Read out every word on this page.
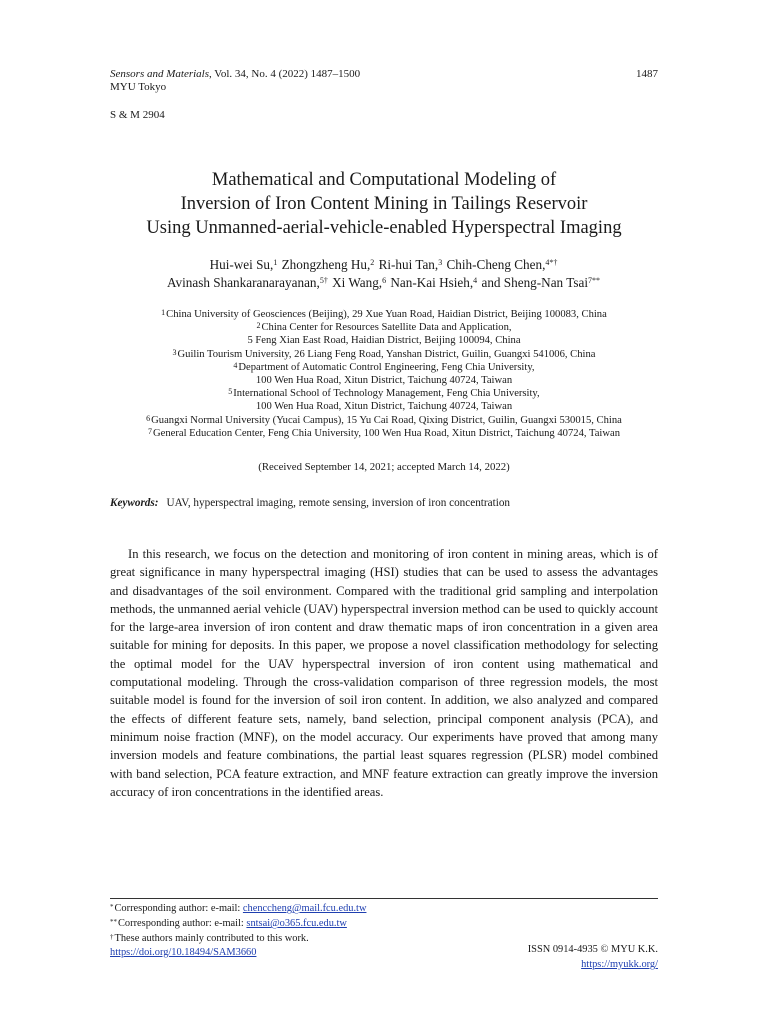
Sensors and Materials, Vol. 34, No. 4 (2022) 1487–1500
MYU Tokyo
1487
S & M 2904
Mathematical and Computational Modeling of
Inversion of Iron Content Mining in Tailings Reservoir
Using Unmanned-aerial-vehicle-enabled Hyperspectral Imaging
Hui-wei Su,$^1$ Zhongzheng Hu,$^2$ Ri-hui Tan,$^3$ Chih-Cheng Chen,$^{4*\dagger}$
Avinash Shankaranarayanan,$^{5\dagger}$ Xi Wang,$^6$ Nan-Kai Hsieh,$^4$ and Sheng-Nan Tsai$^{7**}$
$^1$China University of Geosciences (Beijing), 29 Xue Yuan Road, Haidian District, Beijing 100083, China
$^2$China Center for Resources Satellite Data and Application,
5 Feng Xian East Road, Haidian District, Beijing 100094, China
$^3$Guilin Tourism University, 26 Liang Feng Road, Yanshan District, Guilin, Guangxi 541006, China
$^4$Department of Automatic Control Engineering, Feng Chia University,
100 Wen Hua Road, Xitun District, Taichung 40724, Taiwan
$^5$International School of Technology Management, Feng Chia University,
100 Wen Hua Road, Xitun District, Taichung 40724, Taiwan
$^6$Guangxi Normal University (Yucai Campus), 15 Yu Cai Road, Qixing District, Guilin, Guangxi 530015, China
$^7$General Education Center, Feng Chia University, 100 Wen Hua Road, Xitun District, Taichung 40724, Taiwan
(Received September 14, 2021; accepted March 14, 2022)
Keywords: UAV, hyperspectral imaging, remote sensing, inversion of iron concentration

In this research, we focus on the detection and monitoring of iron content in mining areas, which is of great significance in many hyperspectral imaging (HSI) studies that can be used to assess the advantages and disadvantages of the soil environment. Compared with the traditional grid sampling and interpolation methods, the unmanned aerial vehicle (UAV) hyperspectral inversion method can be used to quickly account for the large-area inversion of iron content and draw thematic maps of iron concentration in a given area suitable for mining for deposits. In this paper, we propose a novel classification methodology for selecting the optimal model for the UAV hyperspectral inversion of iron content using mathematical and computational modeling. Through the cross-validation comparison of three regression models, the most suitable model is found for the inversion of soil iron content. In addition, we also analyzed and compared the effects of different feature sets, namely, band selection, principal component analysis (PCA), and minimum noise fraction (MNF), on the model accuracy. Our experiments have proved that among many inversion models and feature combinations, the partial least squares regression (PLSR) model combined with band selection, PCA feature extraction, and MNF feature extraction can greatly improve the inversion accuracy of iron concentrations in the identified areas.

*Corresponding author: e-mail: chenccheng@mail.fcu.edu.tw
**Corresponding author: e-mail: sntsai@o365.fcu.edu.tw
†These authors mainly contributed to this work.
https://doi.org/10.18494/SAM3660	ISSN 0914-4935 © MYU K.K.
https://myukk.org/
